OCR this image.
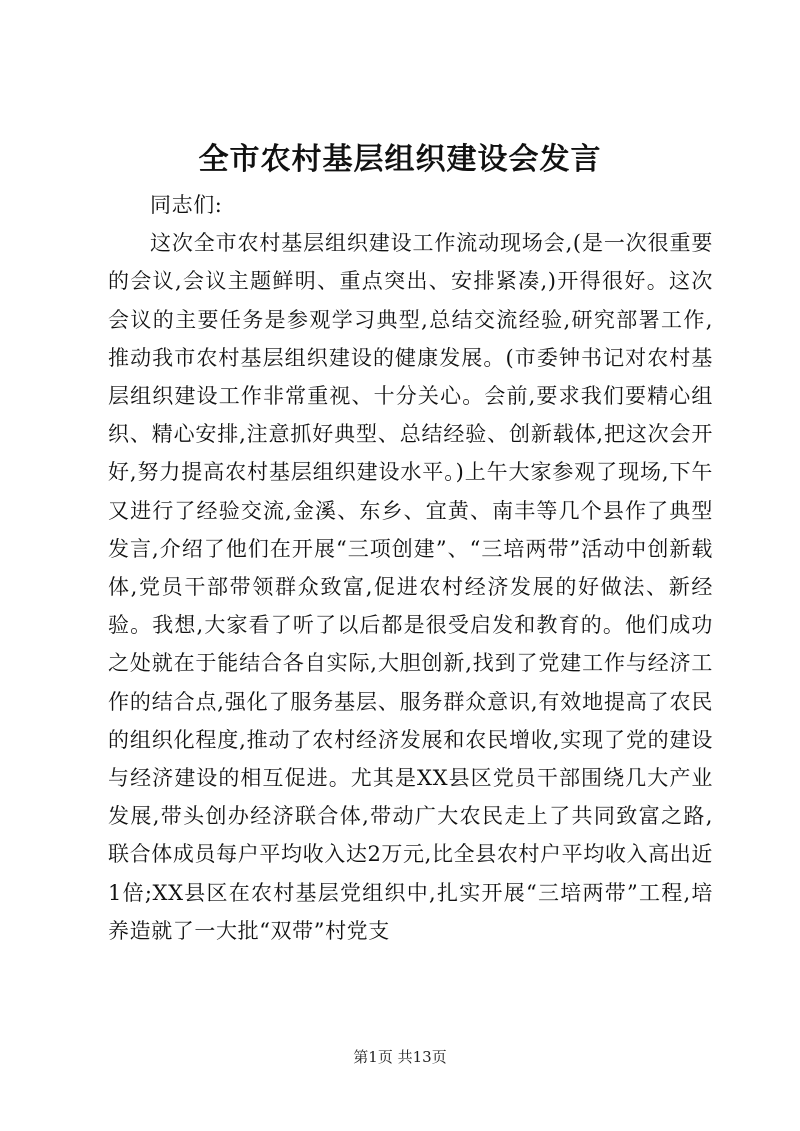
全市农村基层组织建设会发言

同志们:

这次全市农村基层组织建设工作流动现场会,(是一次很重要的会议,会议主题鲜明、重点突出、安排紧凑,)开得很好。这次会议的主要任务是参观学习典型,总结交流经验,研究部署工作,推动我市农村基层组织建设的健康发展。(市委钟书记对农村基层组织建设工作非常重视、十分关心。会前,要求我们要精心组织、精心安排,注意抓好典型、总结经验、创新载体,把这次会开好,努力提高农村基层组织建设水平。)上午大家参观了现场,下午又进行了经验交流,金溪、东乡、宜黄、南丰等几个县作了典型发言,介绍了他们在开展“三项创建”、“三培两带”活动中创新载体,党员干部带领群众致富,促进农村经济发展的好做法、新经验。我想,大家看了听了以后都是很受启发和教育的。他们成功之处就在于能结合各自实际,大胆创新,找到了党建工作与经济工作的结合点,强化了服务基层、服务群众意识,有效地提高了农民的组织化程度,推动了农村经济发展和农民增收,实现了党的建设与经济建设的相互促进。尤其是XX县区党员干部围绕几大产业发展,带头创办经济联合体,带动广大农民走上了共同致富之路,联合体成员每户平均收入达2万元,比全县农村户平均收入高出近1倍;XX县区在农村基层党组织中,扎实开展“三培两带”工程,培养造就了一大批“双带”村党支

第1页 共13页
